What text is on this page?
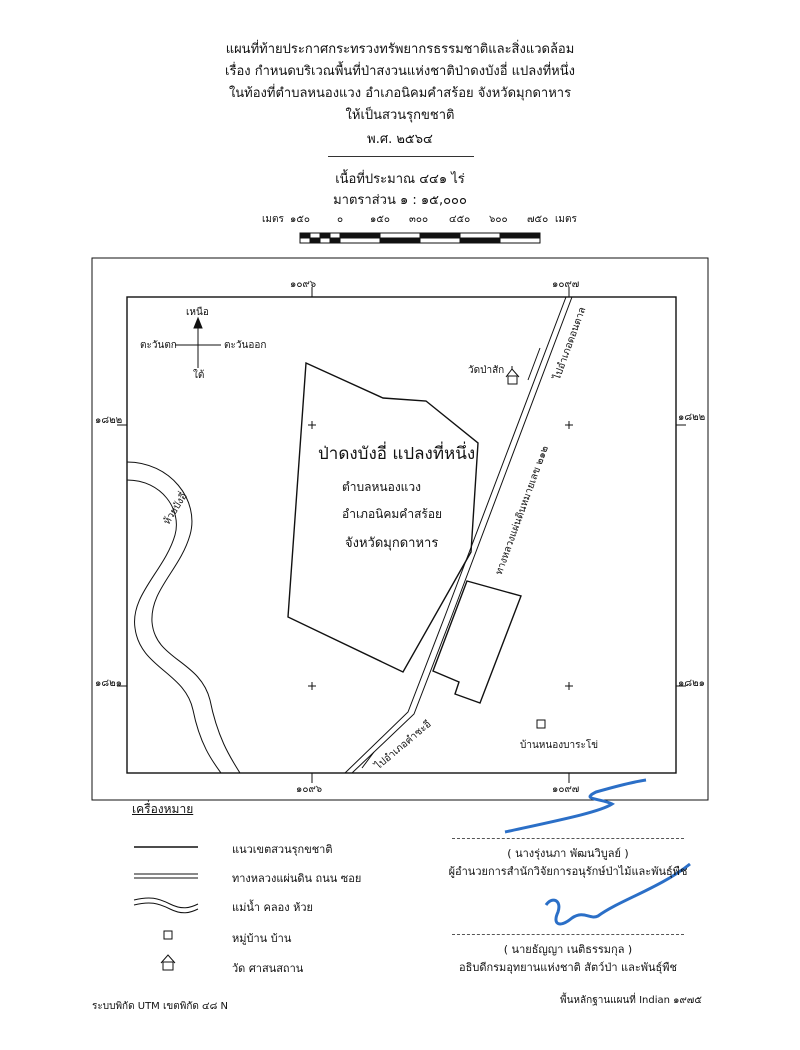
แผนที่ท้ายประกาศกระทรวงทรัพยากรธรรมชาติและสิ่งแวดล้อม
เรื่อง กำหนดบริเวณพื้นที่ป่าสงวนแห่งชาติป่าดงบังอี่ แปลงที่หนึ่ง
ในท้องที่ตำบลหนองแวง อำเภอนิคมคำสร้อย จังหวัดมุกดาหาร
ให้เป็นสวนรุกขชาติ
พ.ศ. ๒๕๖๔
เนื้อที่ประมาณ ๔๔๑ ไร่
มาตราส่วน ๑ : ๑๕,๐๐๐
เมตร	เมตร
๑๕๐	๐	๑๕๐ ๓๐๐ ๔๕๐ ๖๐๐ ๗๕๐
๑๐๙๖	๑๐๙๗
๑๐๙๖	๑๐๙๗
๑๘๒๒
๑๘๒๑
๑๘๒๒
๑๘๒๑
เหนือ
ใต้
ตะวันตก	ตะวันออก
ป่าดงบังอี่ แปลงที่หนึ่ง
ตำบลหนองแวง
อำเภอนิคมคำสร้อย
จังหวัดมุกดาหาร
วัดป่าสัก
บ้านหนองบาระโข่
ห้วยบังอี่	ทางหลวงแผ่นดินหมายเลข ๒๑๒
ไปอำเภอดอนตาล
ไปอำเภอคำชะอี
เครื่องหมาย
แนวเขตสวนรุกขชาติ
ทางหลวงแผ่นดิน ถนน ซอย
แม่น้ำ คลอง ห้วย
หมู่บ้าน บ้าน
วัด ศาสนสถาน
( นางรุ่งนภา พัฒนวิบูลย์ )
ผู้อำนวยการสำนักวิจัยการอนุรักษ์ป่าไม้และพันธุ์พืช
( นายธัญญา เนติธรรมกุล )
อธิบดีกรมอุทยานแห่งชาติ สัตว์ป่า และพันธุ์พืช
ระบบพิกัด UTM เขตพิกัด ๔๘ N
พื้นหลักฐานแผนที่ Indian ๑๙๗๕
